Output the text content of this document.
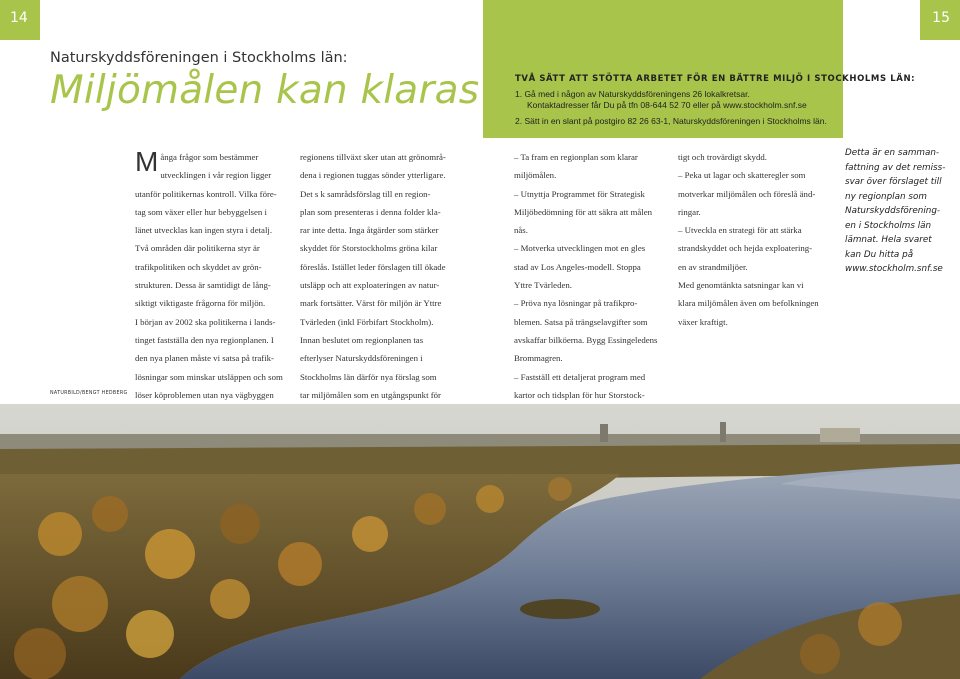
14	15
Naturskyddsföreningen i Stockholms län:
Miljömålen kan klaras	TVÅ SÄTT ATT STÖTTA ARBETET FÖR EN BÄTTRE MILJÖ I STOCKHOLMS LÄN:
1. Gå med i någon av Naturskyddsföreningens 26 lokalkretsar.
Kontaktadresser får Du på tfn 08-644 52 70 eller på www.stockholm.snf.se
2. Sätt in en slant på postgiro 82 26 63-1, Naturskyddsföreningen i Stockholms län.
M ånga frågor som bestämmer
utvecklingen i vår region ligger
utanför politikernas kontroll. Vilka före-
tag som växer eller hur bebyggelsen i
länet utvecklas kan ingen styra i detalj.
Två områden där politikerna styr är
trafikpolitiken och skyddet av grön-
strukturen. Dessa är samtidigt de lång-
siktigt viktigaste frågorna för miljön.
I början av 2002 ska politikerna i lands-
tinget fastställa den nya regionplanen. I
den nya planen måste vi satsa på trafik-
lösningar som minskar utsläppen och som
löser köproblemen utan nya vägbyggen
regionens tillväxt sker utan att grönområ-
dena i regionen tuggas sönder ytterligare.
Det s k samrådsförslag till en region-
plan som presenteras i denna folder kla-
rar inte detta. Inga åtgärder som stärker
skyddet för Storstockholms gröna kilar
föreslås. Istället leder förslagen till ökade
utsläpp och att exploateringen av natur-
mark fortsätter. Värst för miljön är Yttre
Tvärleden (inkl Förbifart Stockholm).
Innan beslutet om regionplanen tas
efterlyser Naturskyddsföreningen i
Stockholms län därför nya förslag som
tar miljömålen som en utgångspunkt för
– Ta fram en regionplan som klarar
miljömålen.
– Utnyttja Programmet för Strategisk
Miljöbedömning för att säkra att målen
nås.
– Motverka utvecklingen mot en gles
stad av Los Angeles-modell. Stoppa
Yttre Tvärleden.
– Pröva nya lösningar på trafikpro-
blemen. Satsa på trängselavgifter som
avskaffar bilköerna. Bygg Essingeledens
Brommagren.
– Fastställ ett detaljerat program med
kartor och tidsplan för hur Storstock-
tigt och trovärdigt skydd.
– Peka ut lagar och skatteregler som
motverkar miljömålen och föreslå änd-
ringar.
– Utveckla en strategi för att stärka
strandskyddet och hejda exploatering-
en av strandmiljöer.
Med genomtänkta satsningar kan vi
klara miljömålen även om befolkningen
växer kraftigt.
Detta är en samman-
fattning av det remiss-
svar över förslaget till
ny regionplan som
Naturskyddsförening-
en i Stockholms län
lämnat. Hela svaret
kan Du hitta på
www.stockholm.snf.se
NATURBILD/BENGT HEDBERG
